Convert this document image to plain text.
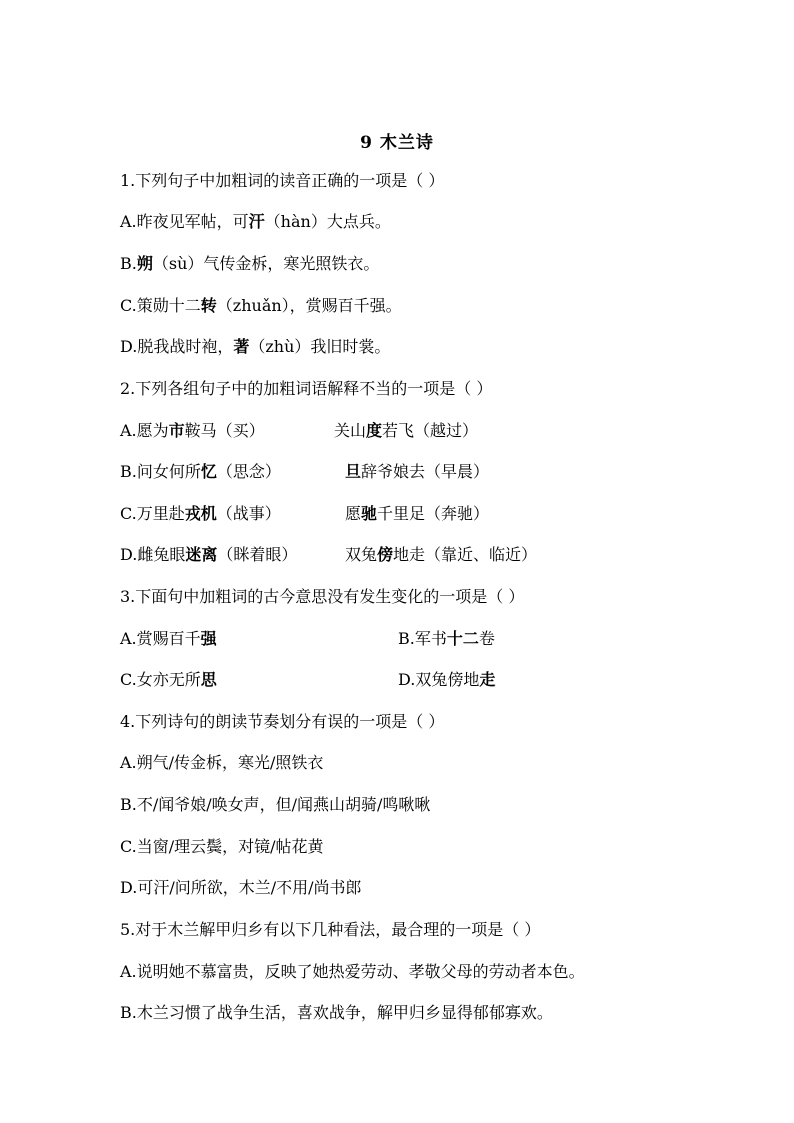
9 木兰诗
1.下列句子中加粗词的读音正确的一项是（ ）
A.昨夜见军帖，可汗（hàn）大点兵。
B.朔（sù）气传金柝，寒光照铁衣。
C.策勋十二转（zhuǎn），赏赐百千强。
D.脱我战时袍，著（zhù）我旧时裳。
2.下列各组句子中的加粗词语解释不当的一项是（ ）
A.愿为市鞍马（买）	关山度若飞（越过）
B.问女何所忆（思念）	旦辞爷娘去（早晨）
C.万里赴戎机（战事）	愿驰千里足（奔驰）
D.雌兔眼迷离（眯着眼）	双兔傍地走（靠近、临近）
3.下面句中加粗词的古今意思没有发生变化的一项是（ ）
A.赏赐百千强	B.军书十二卷
C.女亦无所思	D.双兔傍地走
4.下列诗句的朗读节奏划分有误的一项是（ ）
A.朔气/传金柝，寒光/照铁衣
B.不/闻爷娘/唤女声，但/闻燕山胡骑/鸣啾啾
C.当窗/理云鬓，对镜/帖花黄
D.可汗/问所欲，木兰/不用/尚书郎
5.对于木兰解甲归乡有以下几种看法，最合理的一项是（ ）
A.说明她不慕富贵，反映了她热爱劳动、孝敬父母的劳动者本色。
B.木兰习惯了战争生活，喜欢战争，解甲归乡显得郁郁寡欢。
